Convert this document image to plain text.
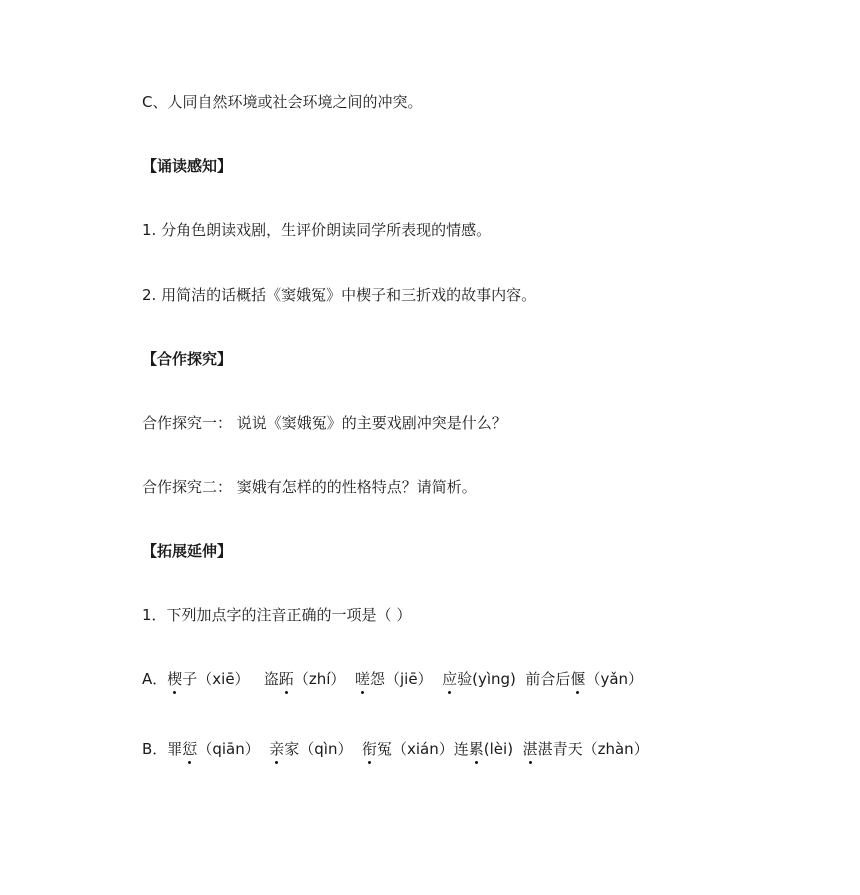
C、人同自然环境或社会环境之间的冲突。
【诵读感知】
1. 分角色朗读戏剧，生评价朗读同学所表现的情感。
2. 用简洁的话概括《窦娥冤》中楔子和三折戏的故事内容。
【合作探究】
合作探究一： 说说《窦娥冤》的主要戏剧冲突是什么？
合作探究二： 窦娥有怎样的的性格特点？请简析。
【拓展延伸】
1．下列加点字的注音正确的一项是（ ）
A．楔子（xiē）   盗跖（zhí）  嗟怨（jiē）  应验(yìng)  前合后偃（yǎn）
B．罪愆（qiān）  亲家（qìn）  衔冤（xián）连累(lèi)  湛湛青天（zhàn）
